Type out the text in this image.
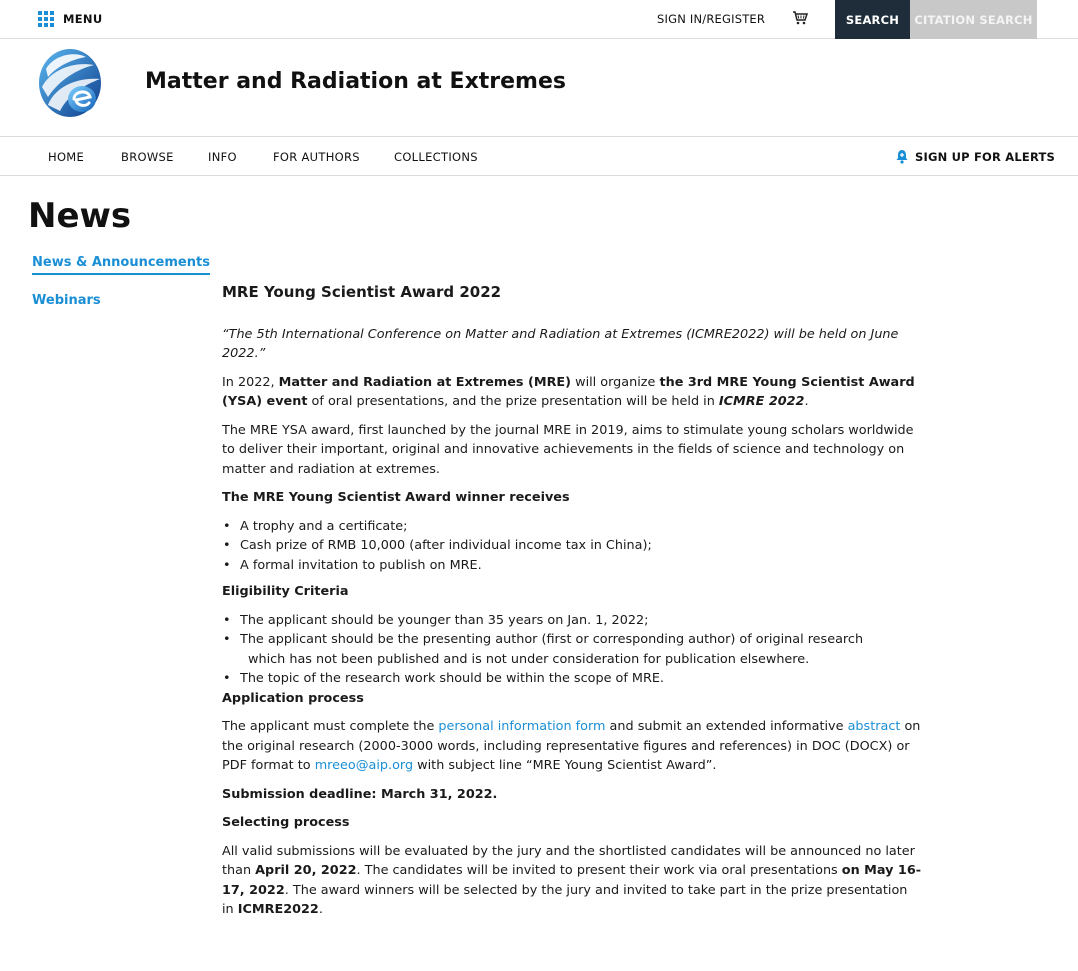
MENU	SIGN IN/REGISTER	SEARCH	CITATION SEARCH
Matter and Radiation at Extremes
HOME	BROWSE	INFO	FOR AUTHORS	COLLECTIONS	SIGN UP FOR ALERTS
News
News & Announcements
Webinars	MRE Young Scientist Award 2022

“The 5th International Conference on Matter and Radiation at Extremes (ICMRE2022) will be held on June 2022.”

In 2022, Matter and Radiation at Extremes (MRE) will organize the 3rd MRE Young Scientist Award (YSA) event of oral presentations, and the prize presentation will be held in ICMRE 2022.

The MRE YSA award, first launched by the journal MRE in 2019, aims to stimulate young scholars worldwide to deliver their important, original and innovative achievements in the fields of science and technology on matter and radiation at extremes.

The MRE Young Scientist Award winner receives
• A trophy and a certificate;
• Cash prize of RMB 10,000 (after individual income tax in China);
• A formal invitation to publish on MRE.
Eligibility Criteria
• The applicant should be younger than 35 years on Jan. 1, 2022;
• The applicant should be the presenting author (first or corresponding author) of original research
which has not been published and is not under consideration for publication elsewhere.
• The topic of the research work should be within the scope of MRE.
Application process

The applicant must complete the personal information form and submit an extended informative abstract on the original research (2000-3000 words, including representative figures and references) in DOC (DOCX) or PDF format to mreeo@aip.org with subject line “MRE Young Scientist Award”.

Submission deadline: March 31, 2022.
Selecting process

All valid submissions will be evaluated by the jury and the shortlisted candidates will be announced no later than April 20, 2022. The candidates will be invited to present their work via oral presentations on May 16-17, 2022. The award winners will be selected by the jury and invited to take part in the prize presentation in ICMRE2022.
